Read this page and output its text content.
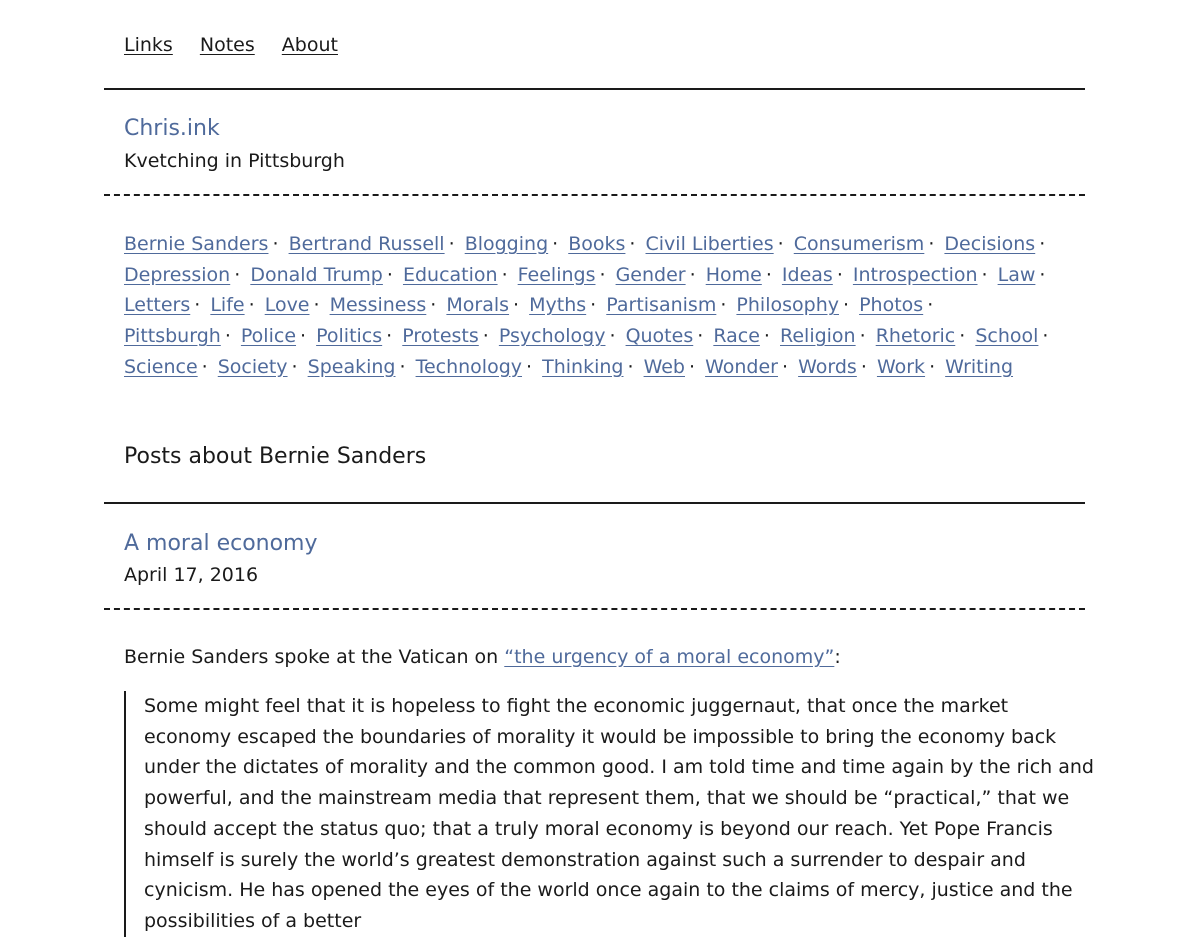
Links Notes About
Chris.ink
Kvetching in Pittsburgh
Bernie Sanders · Bertrand Russell · Blogging · Books · Civil Liberties · Consumerism · Decisions · Depression · Donald Trump · Education · Feelings · Gender · Home · Ideas · Introspection · Law · Letters · Life · Love · Messiness · Morals · Myths · Partisanism · Philosophy · Photos · Pittsburgh · Police · Politics · Protests · Psychology · Quotes · Race · Religion · Rhetoric · School · Science · Society · Speaking · Technology · Thinking · Web · Wonder · Words · Work · Writing
Posts about Bernie Sanders
A moral economy
April 17, 2016

Bernie Sanders spoke at the Vatican on “the urgency of a moral economy”:

Some might feel that it is hopeless to fight the economic juggernaut, that once the market economy escaped the boundaries of morality it would be impossible to bring the economy back under the dictates of morality and the common good. I am told time and time again by the rich and powerful, and the mainstream media that represent them, that we should be “practical,” that we should accept the status quo; that a truly moral economy is beyond our reach. Yet Pope Francis himself is surely the world’s greatest demonstration against such a surrender to despair and cynicism. He has opened the eyes of the world once again to the claims of mercy, justice and the possibilities of a better
